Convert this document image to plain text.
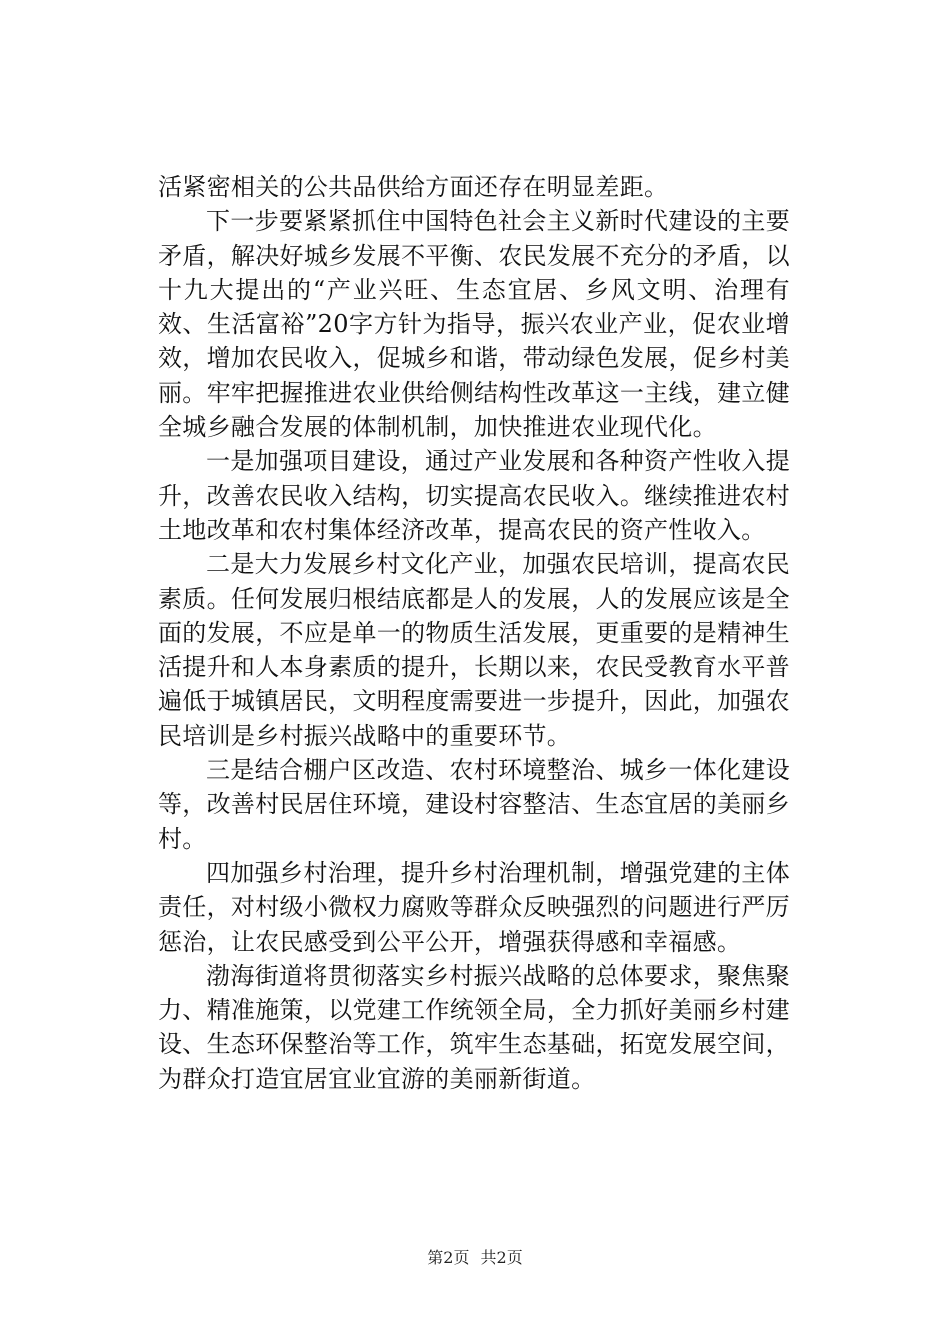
活紧密相关的公共品供给方面还存在明显差距。

下一步要紧紧抓住中国特色社会主义新时代建设的主要矛盾，解决好城乡发展不平衡、农民发展不充分的矛盾，以十九大提出的“产业兴旺、生态宜居、乡风文明、治理有效、生活富裕”20字方针为指导，振兴农业产业，促农业增效，增加农民收入，促城乡和谐，带动绿色发展，促乡村美丽。牢牢把握推进农业供给侧结构性改革这一主线，建立健全城乡融合发展的体制机制，加快推进农业现代化。

一是加强项目建设，通过产业发展和各种资产性收入提升，改善农民收入结构，切实提高农民收入。继续推进农村土地改革和农村集体经济改革，提高农民的资产性收入。

二是大力发展乡村文化产业，加强农民培训，提高农民素质。任何发展归根结底都是人的发展，人的发展应该是全面的发展，不应是单一的物质生活发展，更重要的是精神生活提升和人本身素质的提升，长期以来，农民受教育水平普遍低于城镇居民，文明程度需要进一步提升，因此，加强农民培训是乡村振兴战略中的重要环节。

三是结合棚户区改造、农村环境整治、城乡一体化建设等，改善村民居住环境，建设村容整洁、生态宜居的美丽乡村。

四加强乡村治理，提升乡村治理机制，增强党建的主体责任，对村级小微权力腐败等群众反映强烈的问题进行严厉惩治，让农民感受到公平公开，增强获得感和幸福感。

渤海街道将贯彻落实乡村振兴战略的总体要求，聚焦聚力、精准施策，以党建工作统领全局，全力抓好美丽乡村建设、生态环保整治等工作，筑牢生态基础，拓宽发展空间，为群众打造宜居宜业宜游的美丽新街道。

第2页 共2页
